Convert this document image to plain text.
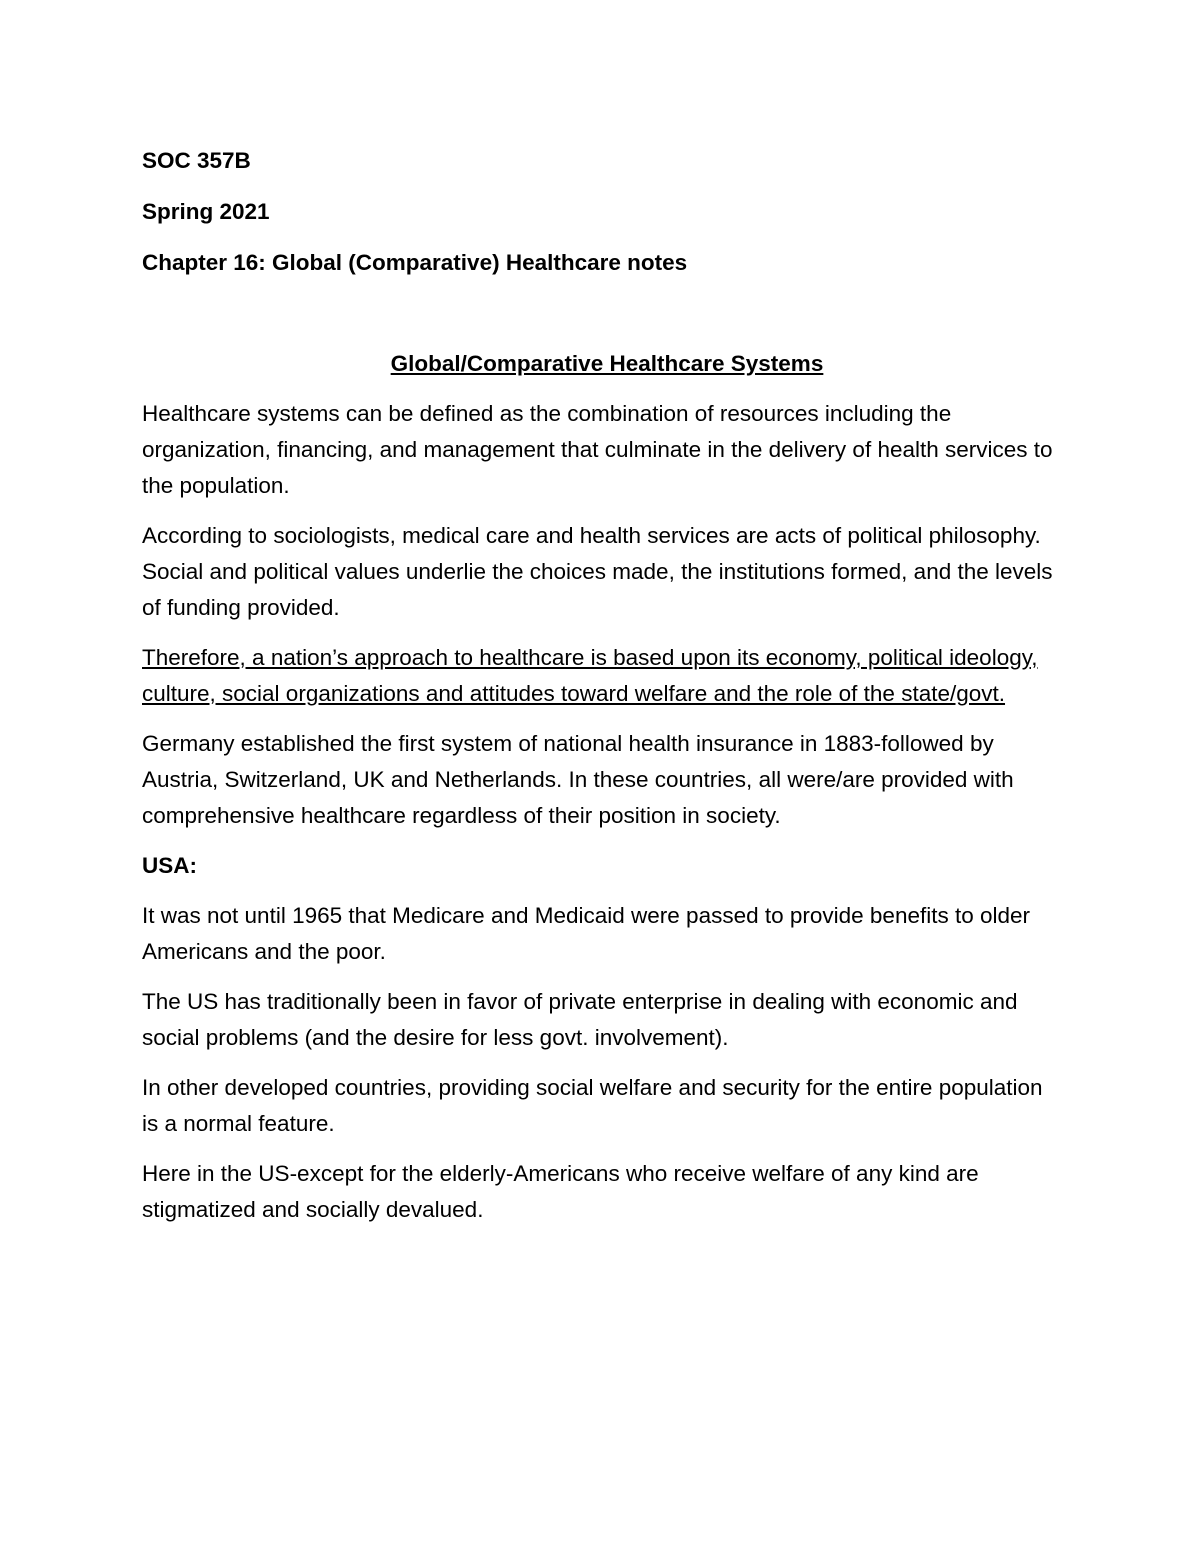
SOC 357B
Spring 2021
Chapter 16: Global (Comparative) Healthcare notes
Global/Comparative Healthcare Systems

Healthcare systems can be defined as the combination of resources including the organization, financing, and management that culminate in the delivery of health services to the population.

According to sociologists, medical care and health services are acts of political philosophy. Social and political values underlie the choices made, the institutions formed, and the levels of funding provided.

Therefore, a nation’s approach to healthcare is based upon its economy, political ideology, culture, social organizations and attitudes toward welfare and the role of the state/govt.

Germany established the first system of national health insurance in 1883-followed by Austria, Switzerland, UK and Netherlands. In these countries, all were/are provided with comprehensive healthcare regardless of their position in society.

USA:

It was not until 1965 that Medicare and Medicaid were passed to provide benefits to older Americans and the poor.

The US has traditionally been in favor of private enterprise in dealing with economic and social problems (and the desire for less govt. involvement).

In other developed countries, providing social welfare and security for the entire population is a normal feature.

Here in the US-except for the elderly-Americans who receive welfare of any kind are stigmatized and socially devalued.
